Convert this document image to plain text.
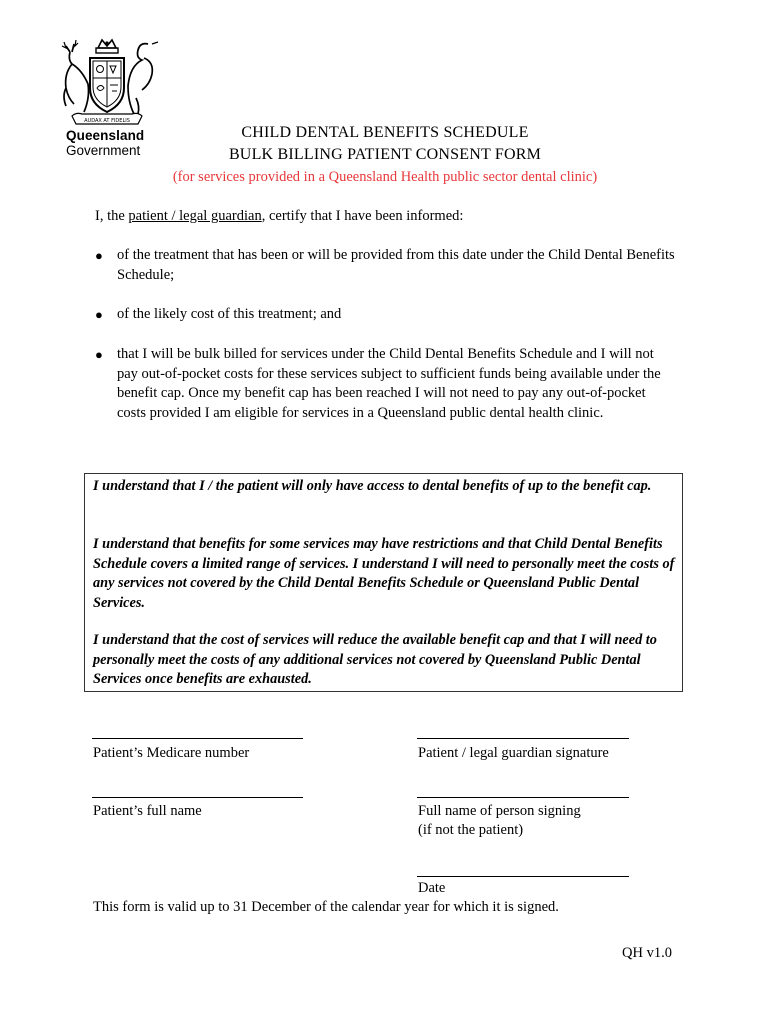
AUDAX AT FIDELIS
Queensland
Government
CHILD DENTAL BENEFITS SCHEDULE
BULK BILLING PATIENT CONSENT FORM
(for services provided in a Queensland Health public sector dental clinic)
I, the patient / legal guardian, certify that I have been informed:
● of the treatment that has been or will be provided from this date under the Child Dental Benefits Schedule;
● of the likely cost of this treatment; and
● that I will be bulk billed for services under the Child Dental Benefits Schedule and I will not pay out-of-pocket costs for these services subject to sufficient funds being available under the benefit cap. Once my benefit cap has been reached I will not need to pay any out-of-pocket costs provided I am eligible for services in a Queensland public dental health clinic.

I understand that I / the patient will only have access to dental benefits of up to the benefit cap.

I understand that benefits for some services may have restrictions and that Child Dental Benefits Schedule covers a limited range of services. I understand I will need to personally meet the costs of any services not covered by the Child Dental Benefits Schedule or Queensland Public Dental Services.

I understand that the cost of services will reduce the available benefit cap and that I will need to personally meet the costs of any additional services not covered by Queensland Public Dental Services once benefits are exhausted.

Patient’s Medicare number	Patient / legal guardian signature
Patient’s full name	Full name of person signing
(if not the patient)
Date
This form is valid up to 31 December of the calendar year for which it is signed.
QH v1.0
